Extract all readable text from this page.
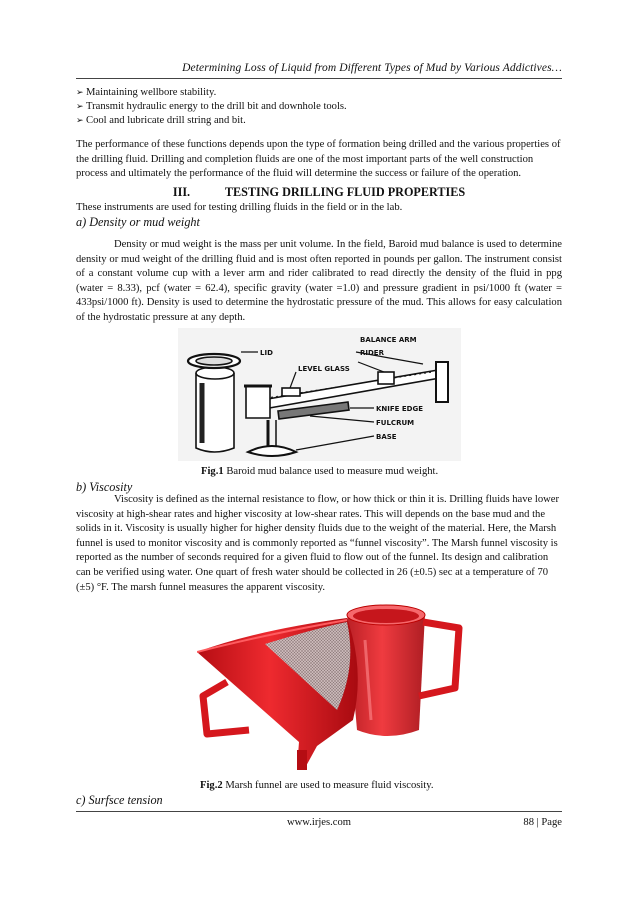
Determining Loss of Liquid from Different Types of Mud by Various Addictives…
➢ Maintaining wellbore stability.
➢ Transmit hydraulic energy to the drill bit and downhole tools.
➢ Cool and lubricate drill string and bit.

The performance of these functions depends upon the type of formation being drilled and the various properties of the drilling fluid. Drilling and completion fluids are one of the most important parts of the well construction process and ultimately the performance of the fluid will determine the success or failure of the operation.

III.	TESTING DRILLING FLUID PROPERTIES

These instruments are used for testing drilling fluids in the field or in the lab.

a) Density or mud weight

Density or mud weight is the mass per unit volume. In the field, Baroid mud balance is used to determine density or mud weight of the drilling fluid and is most often reported in pounds per gallon. The instrument consist of a constant volume cup with a lever arm and rider calibrated to read directly the density of the fluid in ppg (water = 8.33), pcf (water = 62.4), specific gravity (water =1.0) and pressure gradient in psi/1000 ft (water = 433psi/1000 ft). Density is used to determine the hydrostatic pressure of the mud. This allows for easy calculation of the hydrostatic pressure at any depth.

LID
BALANCE ARM
RIDER
LEVEL GLASS
KNIFE EDGE
FULCRUM
BASE
Fig.1 Baroid mud balance used to measure mud weight.
b) Viscosity

Viscosity is defined as the internal resistance to flow, or how thick or thin it is. Drilling fluids have lower viscosity at high-shear rates and higher viscosity at low-shear rates. This will depends on the base mud and the solids in it. Viscosity is usually higher for higher density fluids due to the weight of the material. Here, the Marsh funnel is used to monitor viscosity and is commonly reported as “funnel viscosity”. The Marsh funnel viscosity is reported as the number of seconds required for a given fluid to flow out of the funnel. Its design and calibration can be verified using water. One quart of fresh water should be collected in 26 (±0.5) sec at a temperature of 70 (±5) °F. The marsh funnel measures the apparent viscosity.

Fig.2 Marsh funnel are used to measure fluid viscosity.
c) Surfsce tension
www.irjes.com	88 | Page
